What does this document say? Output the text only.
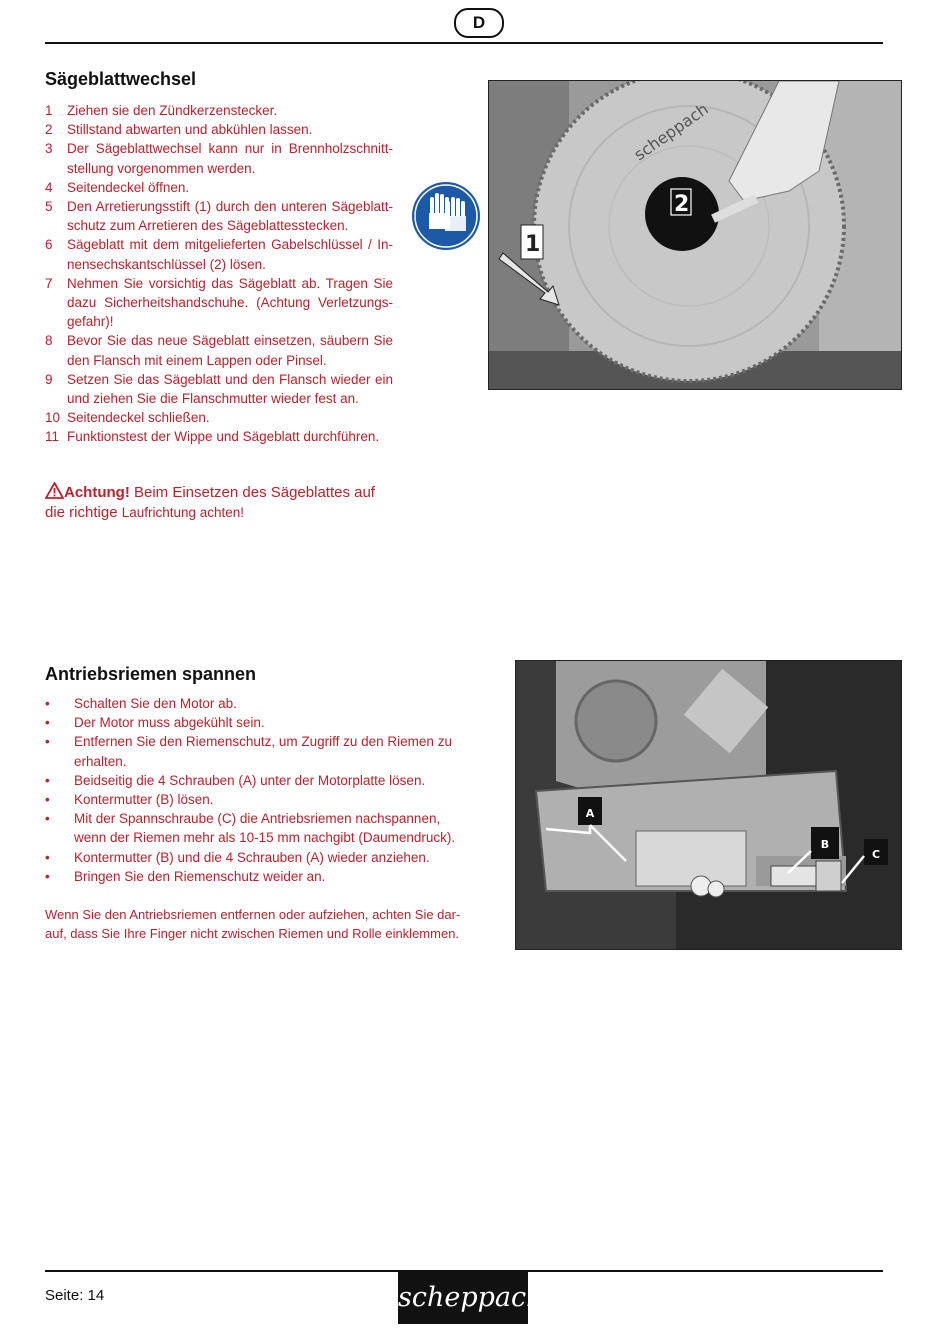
D
Sägeblattwechsel
1 Ziehen sie den Zündkerzenstecker.
2 Stillstand abwarten und abkühlen lassen.
3 Der Sägeblattwechsel kann nur in Brennholzschnitt-stellung vorgenommen werden.
4 Seitendeckel öffnen.
5 Den Arretierungsstift (1) durch den unteren Sägeblatt-schutz zum Arretieren des Sägeblattesstecken.
6 Sägeblatt mit dem mitgelieferten Gabelschlüssel / In-nensechskantschlüssel (2) lösen.
7 Nehmen Sie vorsichtig das Sägeblatt ab. Tragen Sie dazu Sicherheitshandschuhe. (Achtung Verletzungs-gefahr)!
8 Bevor Sie das neue Sägeblatt einsetzen, säubern Sie den Flansch mit einem Lappen oder Pinsel.
9 Setzen Sie das Sägeblatt und den Flansch wieder ein und ziehen Sie die Flanschmutter wieder fest an.
10 Seitendeckel schließen.
11 Funktionstest der Wippe und Sägeblatt durchführen.
scheppach
2
1
Achtung! Beim Einsetzen des Sägeblattes auf die richtige Laufrichtung achten!
Antriebsriemen spannen
• Schalten Sie den Motor ab.
• Der Motor muss abgekühlt sein.
• Entfernen Sie den Riemenschutz, um Zugriff zu den Riemen zu erhalten.
• Beidseitig die 4 Schrauben (A) unter der Motorplatte lösen.
• Kontermutter (B) lösen.
• Mit der Spannschraube (C) die Antriebsriemen nachspannen, wenn der Riemen mehr als 10-15 mm nachgibt (Daumendruck).
• Kontermutter (B) und die 4 Schrauben (A) wieder anziehen.
• Bringen Sie den Riemenschutz weider an.
Wenn Sie den Antriebsriemen entfernen oder aufziehen, achten Sie dar-auf, dass Sie Ihre Finger nicht zwischen Riemen und Rolle einklemmen.
A
B
C
Seite: 14	scheppach
